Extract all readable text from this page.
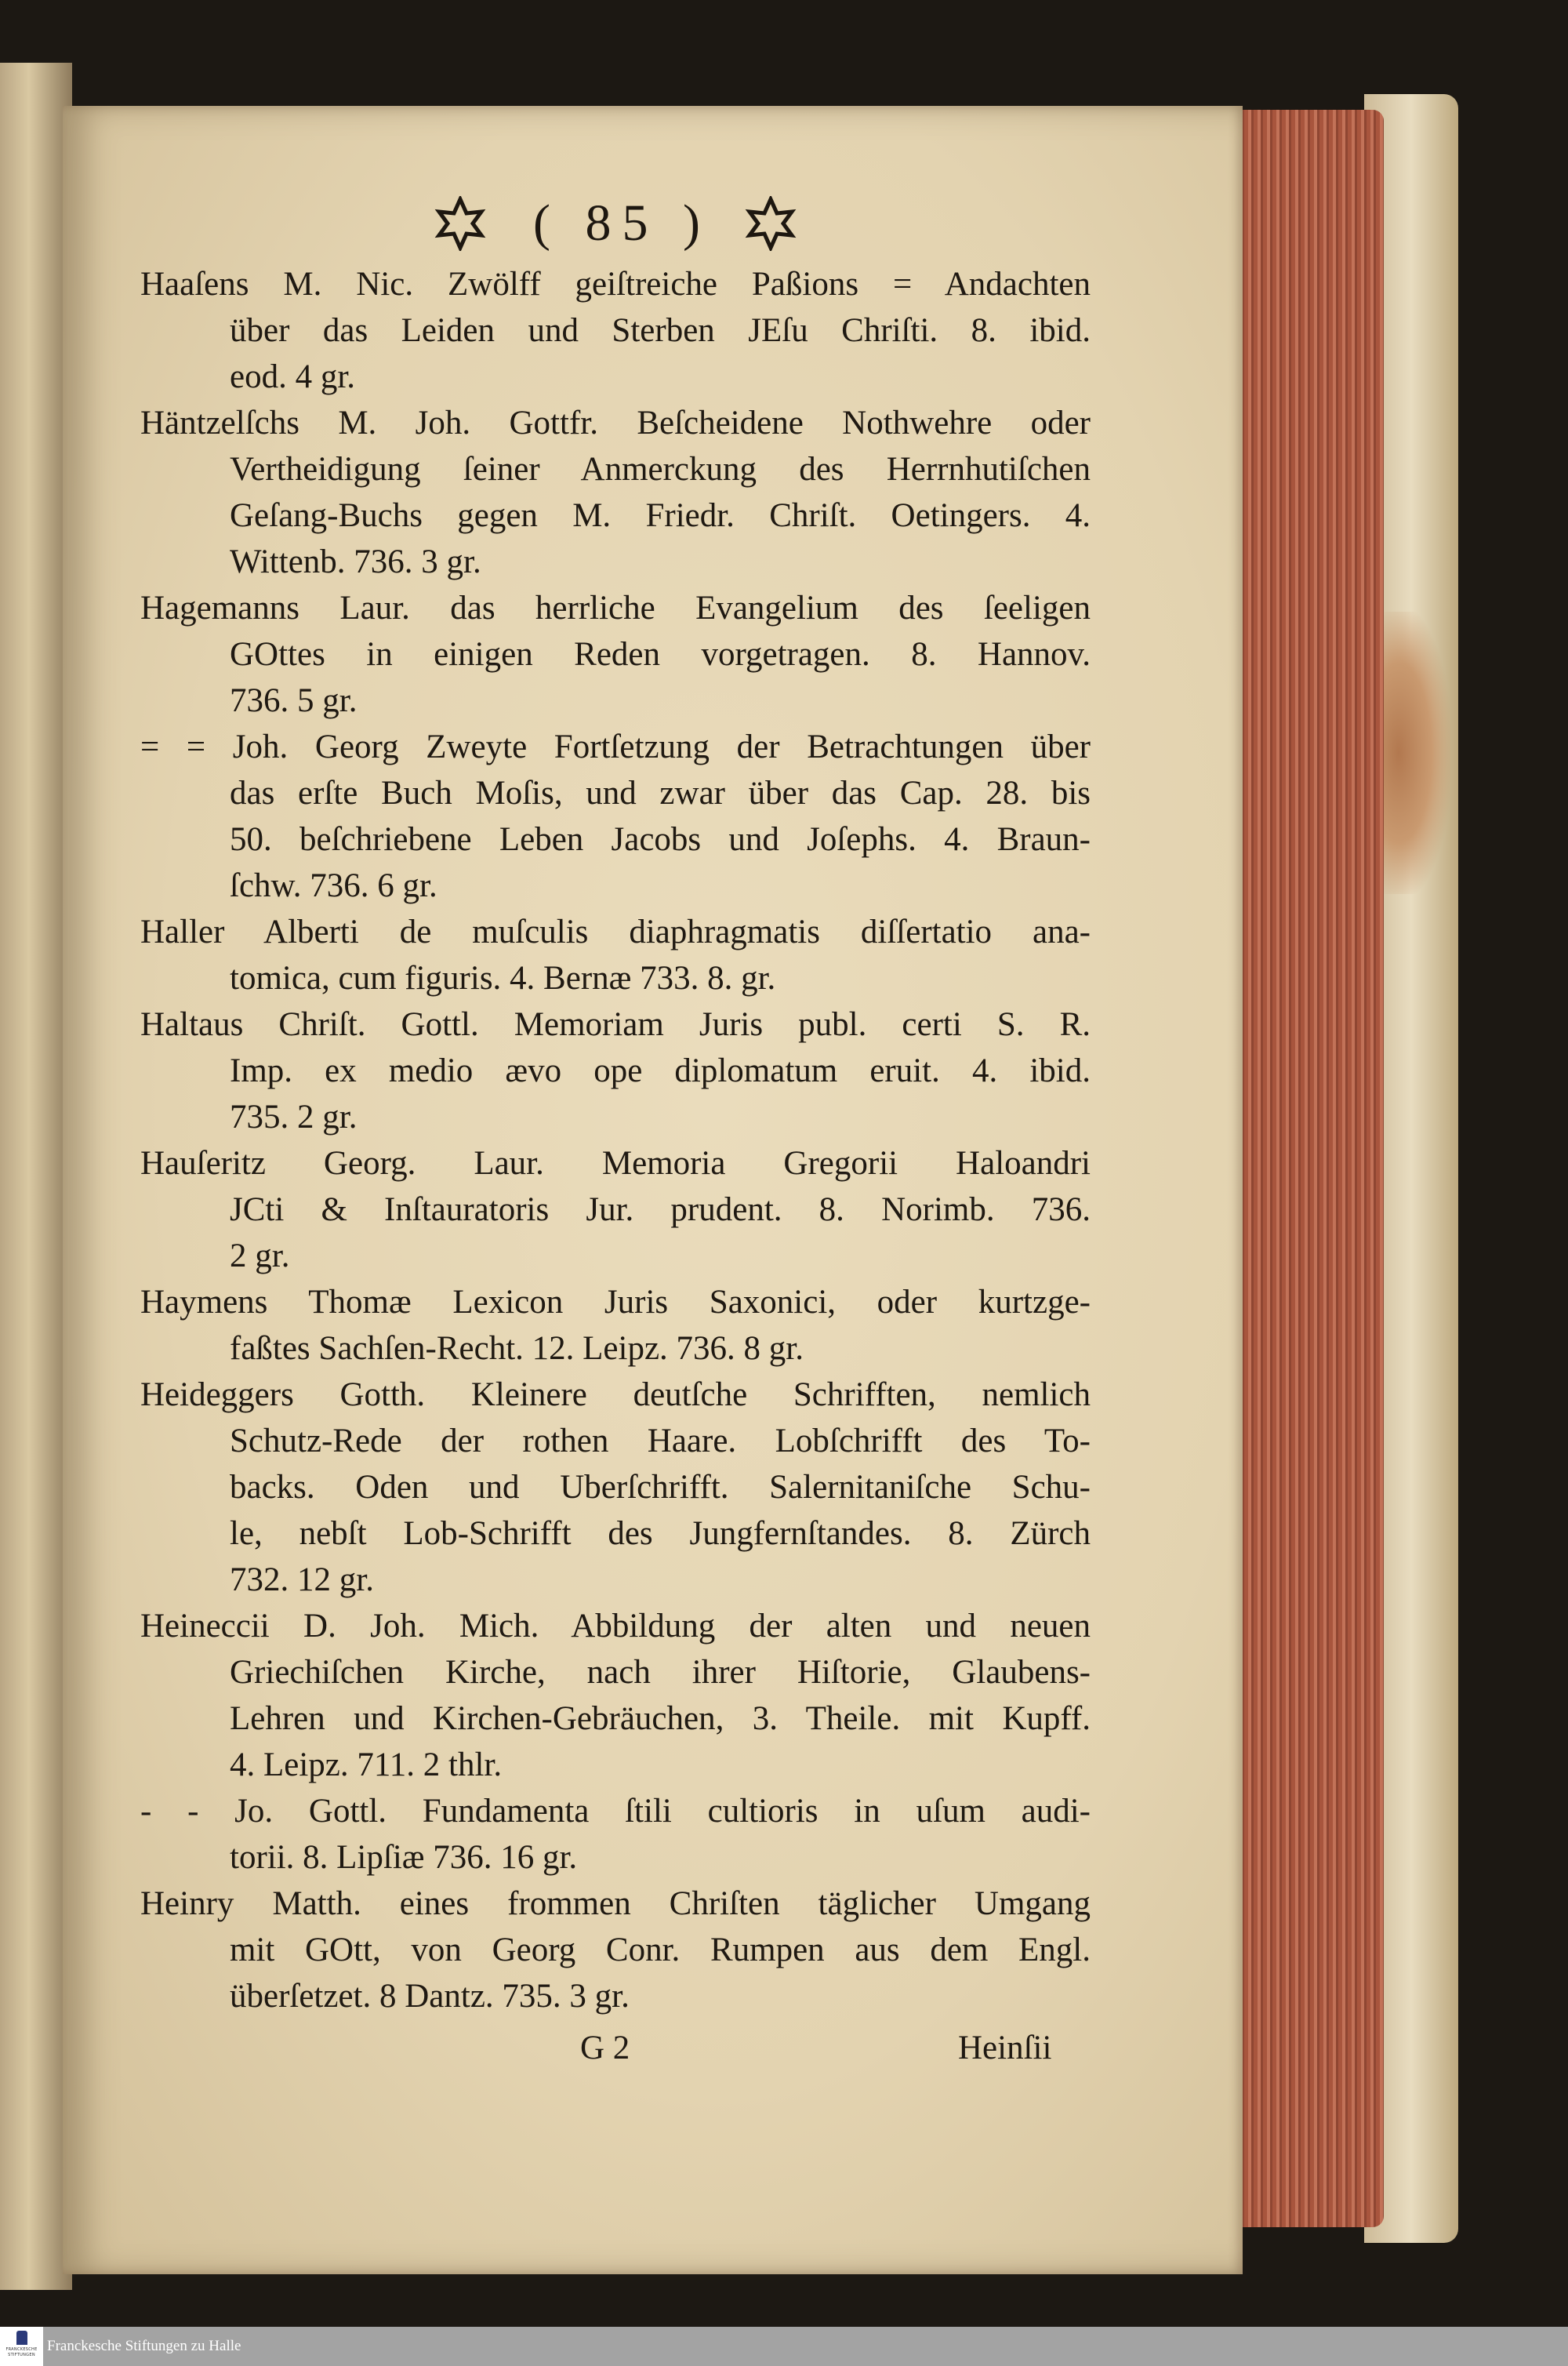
( 85 )
Haaſens M. Nic. Zwölff geiſtreiche Paßions = Andachten
über das Leiden und Sterben JEſu Chriſti. 8. ibid.
eod. 4 gr.
Häntzelſchs M. Joh. Gottfr. Beſcheidene Nothwehre oder
Vertheidigung ſeiner Anmerckung des Herrnhutiſchen
Geſang-Buchs gegen M. Friedr. Chriſt. Oetingers. 4.
Wittenb. 736. 3 gr.
Hagemanns Laur. das herrliche Evangelium des ſeeligen
GOttes in einigen Reden vorgetragen. 8. Hannov.
736. 5 gr.
= = Joh. Georg Zweyte Fortſetzung der Betrachtungen über
das erſte Buch Moſis, und zwar über das Cap. 28. bis
50. beſchriebene Leben Jacobs und Joſephs. 4. Braun-
ſchw. 736. 6 gr.
Haller Alberti de muſculis diaphragmatis diſſertatio ana-
tomica, cum figuris. 4. Bernæ 733. 8. gr.
Haltaus Chriſt. Gottl. Memoriam Juris publ. certi S. R.
Imp. ex medio ævo ope diplomatum eruit. 4. ibid.
735. 2 gr.
Hauſeritz Georg. Laur. Memoria Gregorii Haloandri
JCti & Inſtauratoris Jur. prudent. 8. Norimb. 736.
2 gr.
Haymens Thomæ Lexicon Juris Saxonici, oder kurtzge-
faßtes Sachſen-Recht. 12. Leipz. 736. 8 gr.
Heideggers Gotth. Kleinere deutſche Schrifften, nemlich
Schutz-Rede der rothen Haare. Lobſchrifft des To-
backs. Oden und Uberſchrifft. Salernitaniſche Schu-
le, nebſt Lob-Schrifft des Jungfernſtandes. 8. Zürch
732. 12 gr.
Heineccii D. Joh. Mich. Abbildung der alten und neuen
Griechiſchen Kirche, nach ihrer Hiſtorie, Glaubens-
Lehren und Kirchen-Gebräuchen, 3. Theile. mit Kupff.
4. Leipz. 711. 2 thlr.
- - Jo. Gottl. Fundamenta ſtili cultioris in uſum audi-
torii. 8. Lipſiæ 736. 16 gr.
Heinry Matth. eines frommen Chriſten täglicher Umgang
mit GOtt, von Georg Conr. Rumpen aus dem Engl.
überſetzet. 8 Dantz. 735. 3 gr.
G 2	Heinſii
FRANCKESCHE STIFTUNGEN
Franckesche Stiftungen zu Halle
